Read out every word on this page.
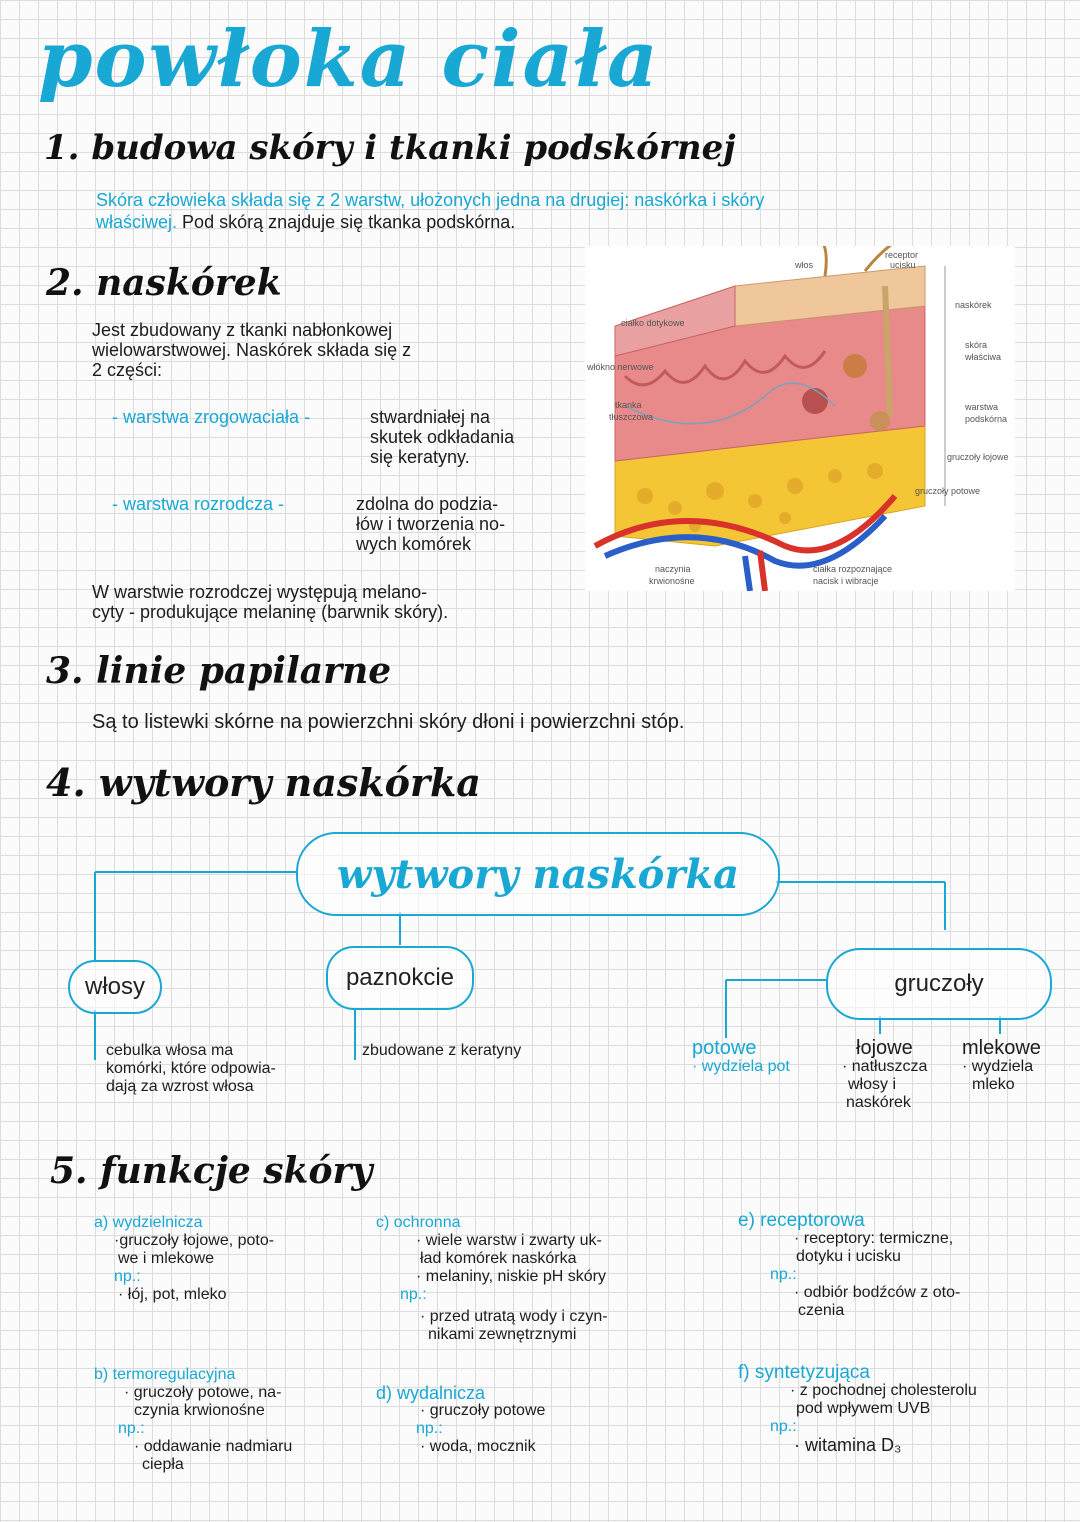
powłoka ciała
1. budowa skóry i tkanki podskórnej
Skóra człowieka składa się z 2 warstw, ułożonych jedna na drugiej: naskórka i skóry
właściwej. Pod skórą znajduje się tkanka podskórna.
2. naskórek
Jest zbudowany z tkanki nabłonkowej
wielowarstwowej. Naskórek składa się z
2 części:
- warstwa zrogowaciała -	stwardniałej na
skutek odkładania
się keratyny.
- warstwa rozrodcza -	zdolna do podzia-
łów i tworzenia no-
wych komórek
W warstwie rozrodczej występują melano-
cyty - produkujące melaninę (barwnik skóry).
włos
receptor
ucisku
naskórek
skóra
właściwa
warstwa
podskórna
gruczoły łojowe
gruczoły potowe
ciałko dotykowe
włókno nerwowe
tkanka
tłuszczowa
naczynia
krwionośne
ciałka rozpoznające
nacisk i wibracje
3. linie papilarne
Są to listewki skórne na powierzchni skóry dłoni i powierzchni stóp.
4. wytwory naskórka
wytwory naskórka
włosy	paznokcie	gruczoły
cebulka włosa ma
komórki, które odpowia-
dają za wzrost włosa
zbudowane z keratyny	potowe
· wydziela pot
łojowe
· natłuszcza
włosy i
naskórek
mlekowe
· wydziela
mleko
5. funkcje skóry
a) wydzielnicza
·gruczoły łojowe, poto-
we i mlekowe
np.:
· łój, pot, mleko
b) termoregulacyjna
· gruczoły potowe, na-
czynia krwionośne
np.:
· oddawanie nadmiaru
ciepła
c) ochronna
· wiele warstw i zwarty uk-
ład komórek naskórka
· melaniny, niskie pH skóry
np.:
· przed utratą wody i czyn-
nikami zewnętrznymi
d) wydalnicza
· gruczoły potowe
np.:
· woda, mocznik
e) receptorowa
· receptory: termiczne,
dotyku i ucisku
np.:
· odbiór bodźców z oto-
czenia
f) syntetyzująca
· z pochodnej cholesterolu
pod wpływem UVB
np.:
· witamina D₃
